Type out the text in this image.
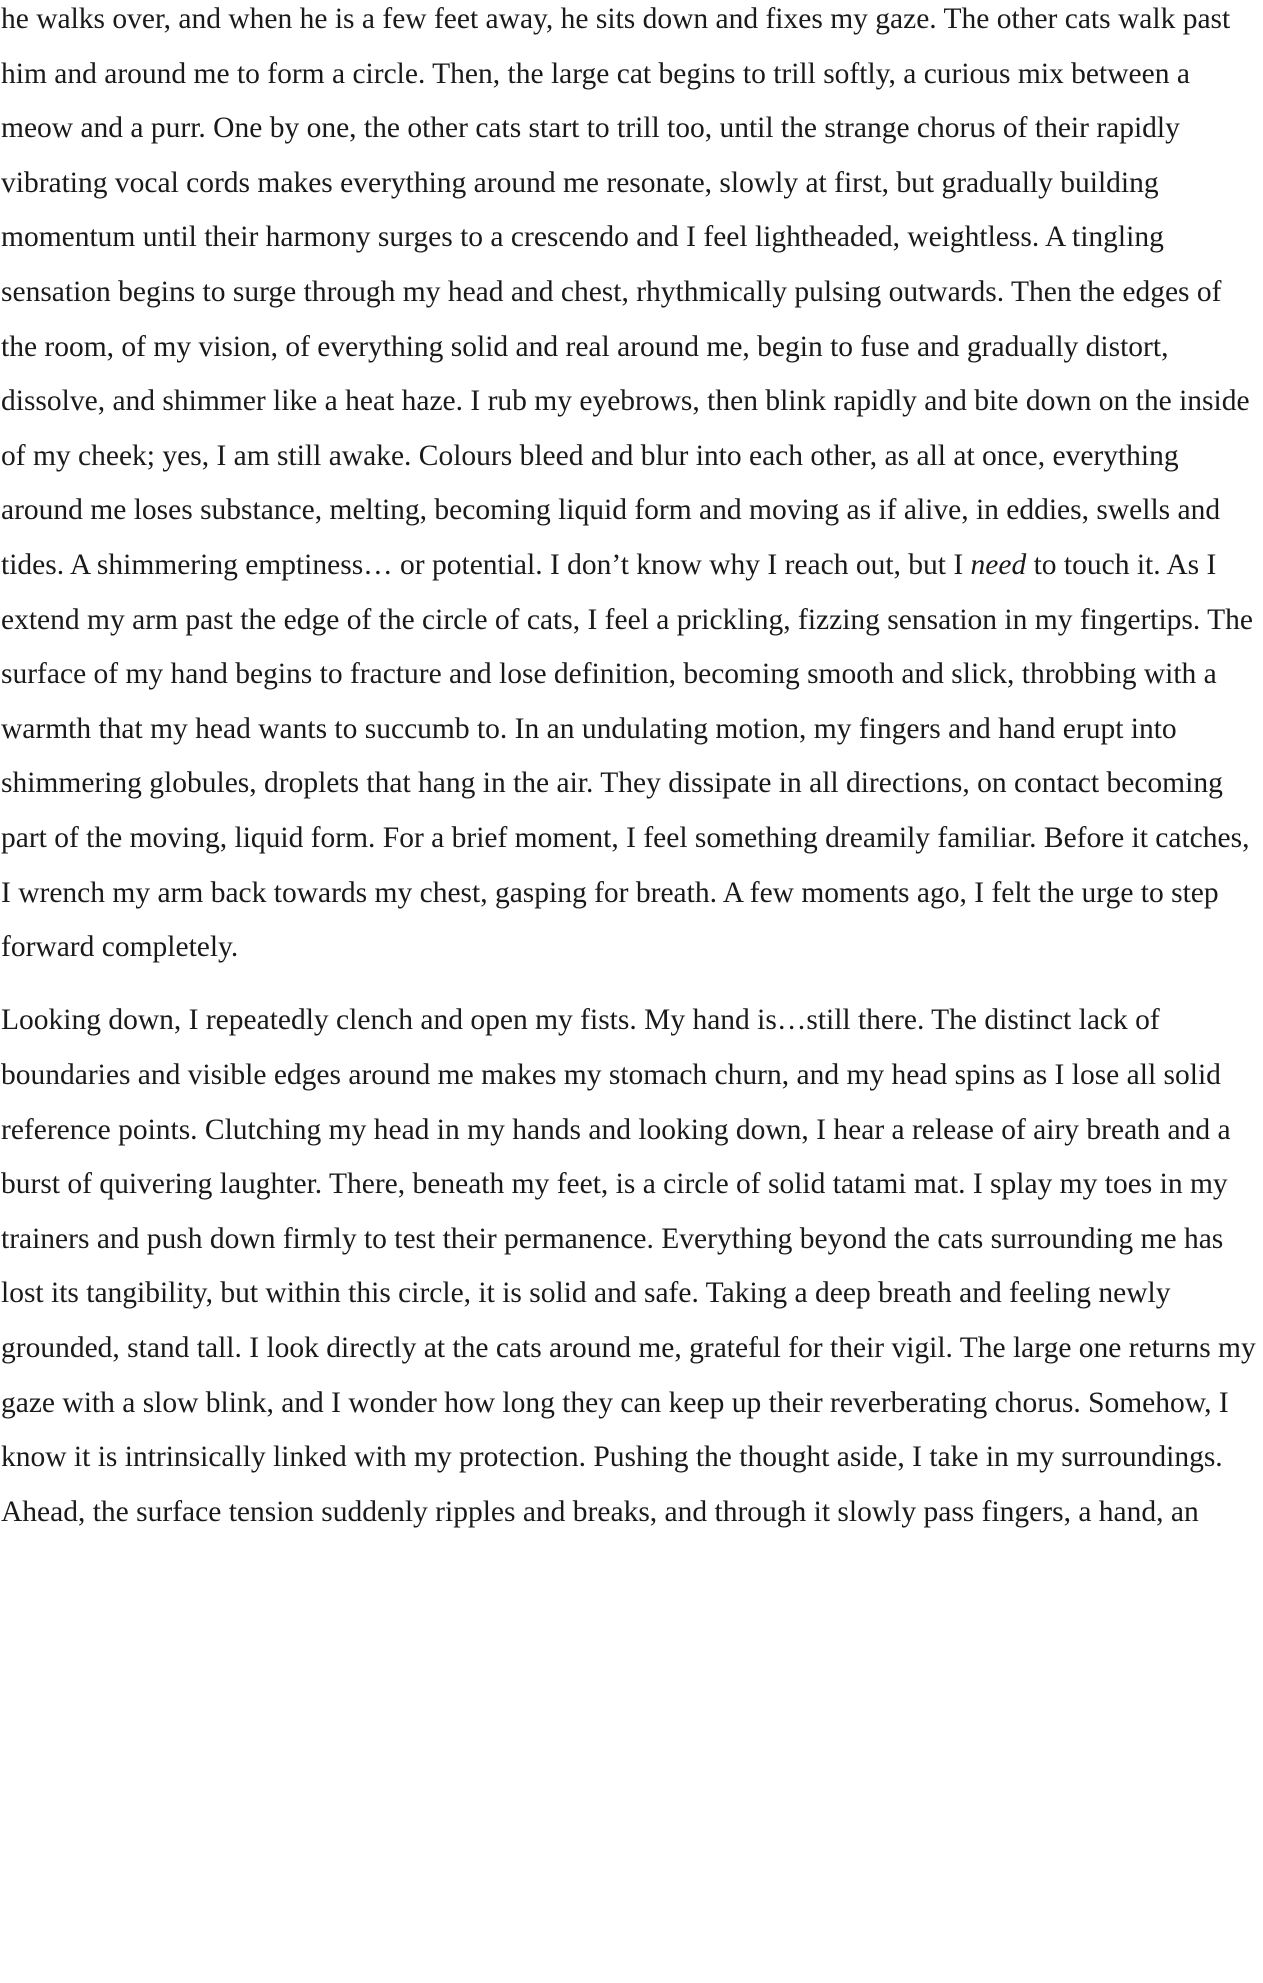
he walks over, and when he is a few feet away, he sits down and fixes my gaze. The other cats walk past
him and around me to form a circle. Then, the large cat begins to trill softly, a curious mix between a
meow and a purr. One by one, the other cats start to trill too, until the strange chorus of their rapidly
vibrating vocal cords makes everything around me resonate, slowly at first, but gradually building
momentum until their harmony surges to a crescendo and I feel lightheaded, weightless. A tingling
sensation begins to surge through my head and chest, rhythmically pulsing outwards. Then the edges of
the room, of my vision, of everything solid and real around me, begin to fuse and gradually distort,
dissolve, and shimmer like a heat haze. I rub my eyebrows, then blink rapidly and bite down on the inside
of my cheek; yes, I am still awake. Colours bleed and blur into each other, as all at once, everything
around me loses substance, melting, becoming liquid form and moving as if alive, in eddies, swells and
tides. A shimmering emptiness… or potential. I don’t know why I reach out, but I need to touch it. As I
extend my arm past the edge of the circle of cats, I feel a prickling, fizzing sensation in my fingertips. The
surface of my hand begins to fracture and lose definition, becoming smooth and slick, throbbing with a
warmth that my head wants to succumb to. In an undulating motion, my fingers and hand erupt into
shimmering globules, droplets that hang in the air. They dissipate in all directions, on contact becoming
part of the moving, liquid form. For a brief moment, I feel something dreamily familiar. Before it catches,
I wrench my arm back towards my chest, gasping for breath. A few moments ago, I felt the urge to step
forward completely.
Looking down, I repeatedly clench and open my fists. My hand is…still there. The distinct lack of
boundaries and visible edges around me makes my stomach churn, and my head spins as I lose all solid
reference points. Clutching my head in my hands and looking down, I hear a release of airy breath and a
burst of quivering laughter. There, beneath my feet, is a circle of solid tatami mat. I splay my toes in my
trainers and push down firmly to test their permanence. Everything beyond the cats surrounding me has
lost its tangibility, but within this circle, it is solid and safe. Taking a deep breath and feeling newly
grounded, stand tall. I look directly at the cats around me, grateful for their vigil. The large one returns my
gaze with a slow blink, and I wonder how long they can keep up their reverberating chorus. Somehow, I
know it is intrinsically linked with my protection. Pushing the thought aside, I take in my surroundings.
Ahead, the surface tension suddenly ripples and breaks, and through it slowly pass fingers, a hand, an
